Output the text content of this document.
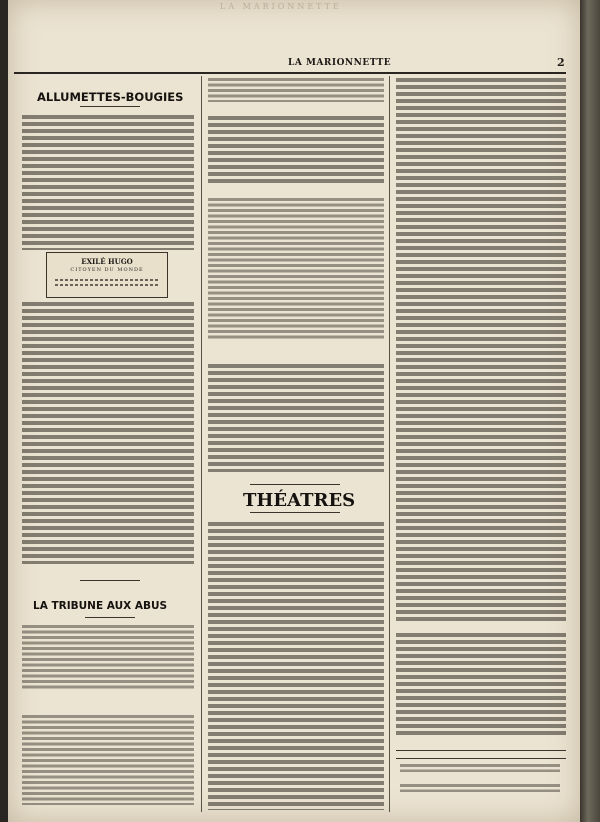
LA MARIONNETTE
LA MARIONNETTE	2
ALLUMETTES-BOUGIES
EXILÉ HUGO
CITOYEN DU MONDE
LA TRIBUNE AUX ABUS
THÉATRES
